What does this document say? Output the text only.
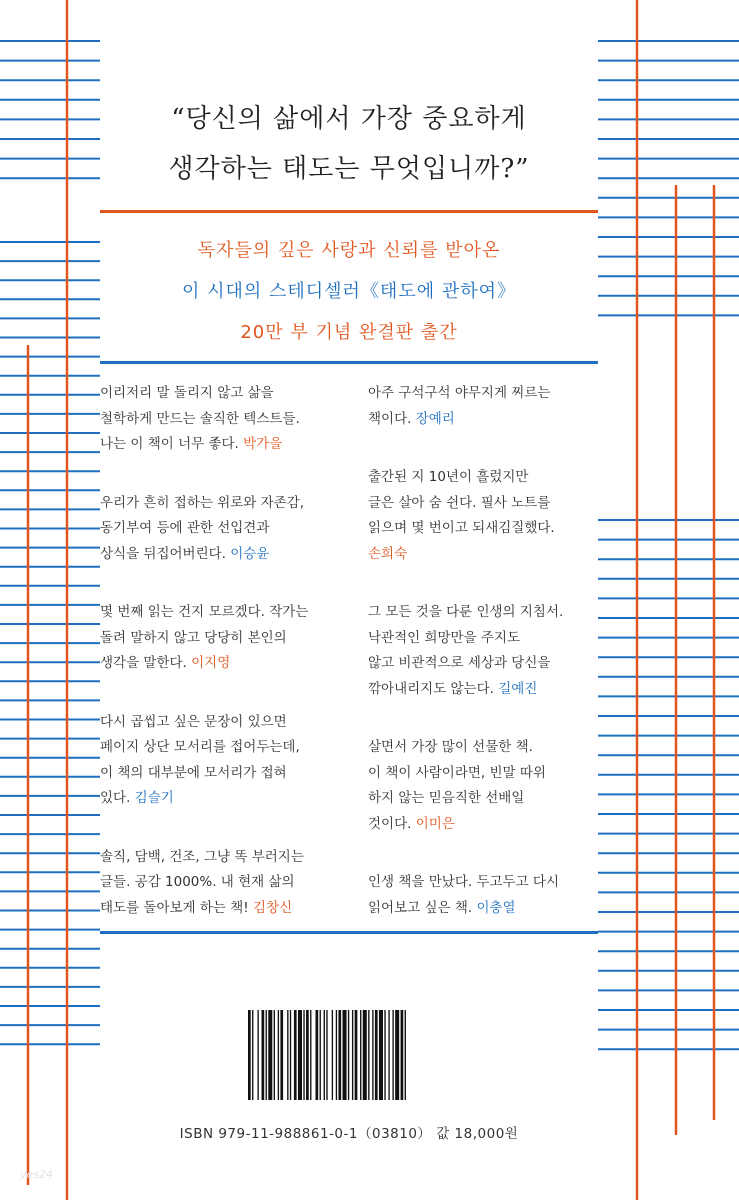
“당신의 삶에서 가장 중요하게
생각하는 태도는 무엇입니까?”
독자들의 깊은 사랑과 신뢰를 받아온
이 시대의 스테디셀러《태도에 관하여》
20만 부 기념 완결판 출간
이리저리 말 돌리지 않고 삶을
철학하게 만드는 솔직한 텍스트들.
나는 이 책이 너무 좋다. 박가을
우리가 흔히 접하는 위로와 자존감,
동기부여 등에 관한 선입견과
상식을 뒤집어버린다. 이승윤
몇 번째 읽는 건지 모르겠다. 작가는
돌려 말하지 않고 당당히 본인의
생각을 말한다. 이지영
다시 곱씹고 싶은 문장이 있으면
페이지 상단 모서리를 접어두는데,
이 책의 대부분에 모서리가 접혀
있다. 김슬기
솔직, 담백, 건조, 그냥 똑 부러지는
글들. 공감 1000%. 내 현재 삶의
태도를 돌아보게 하는 책! 김창신
아주 구석구석 야무지게 찌르는
책이다. 장예리
출간된 지 10년이 흘렀지만
글은 살아 숨 쉰다. 필사 노트를
읽으며 몇 번이고 되새김질했다.
손희숙
그 모든 것을 다룬 인생의 지침서.
낙관적인 희망만을 주지도
않고 비관적으로 세상과 당신을
깎아내리지도 않는다. 길예진
살면서 가장 많이 선물한 책.
이 책이 사람이라면, 빈말 따위
하지 않는 믿음직한 선배일
것이다. 이미은
인생 책을 만났다. 두고두고 다시
읽어보고 싶은 책. 이충열
ISBN 979-11-988861-0-1（03810） 값 18,000원
yes24
